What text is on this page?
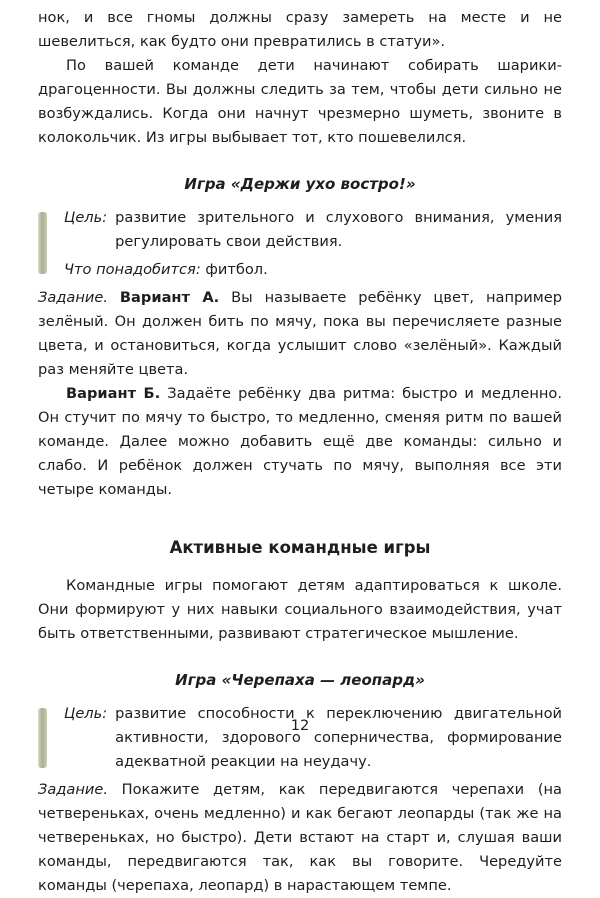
нок, и все гномы должны сразу замереть на месте и не шевелиться, как будто они превратились в статуи».

По вашей команде дети начинают собирать шарики-драгоценности. Вы должны следить за тем, чтобы дети сильно не возбуждались. Когда они начнут чрезмерно шуметь, звоните в колокольчик. Из игры выбывает тот, кто пошевелился.

Игра «Держи ухо востро!»
Цель: развитие зрительного и слухового внимания, умения регулировать свои действия.
Что понадобится: фитбол.

Задание. Вариант А. Вы называете ребёнку цвет, например зелёный. Он должен бить по мячу, пока вы перечисляете разные цвета, и остановиться, когда услышит слово «зелёный». Каждый раз меняйте цвета.

Вариант Б. Задаёте ребёнку два ритма: быстро и медленно. Он стучит по мячу то быстро, то медленно, сменяя ритм по вашей команде. Далее можно добавить ещё две команды: сильно и слабо. И ребёнок должен стучать по мячу, выполняя все эти четыре команды.

Активные командные игры

Командные игры помогают детям адаптироваться к школе. Они формируют у них навыки социального взаимодействия, учат быть ответственными, развивают стратегическое мышление.

Игра «Черепаха — леопард»
Цель: развитие способности к переключению двигательной активности, здорового соперничества, формирование адекватной реакции на неудачу.

Задание. Покажите детям, как передвигаются черепахи (на четвереньках, очень медленно) и как бегают леопарды (так же на четвереньках, но быстро). Дети встают на старт и, слушая ваши команды, передвигаются так, как вы говорите. Чередуйте команды (черепаха, леопард) в нарастающем темпе.

12
